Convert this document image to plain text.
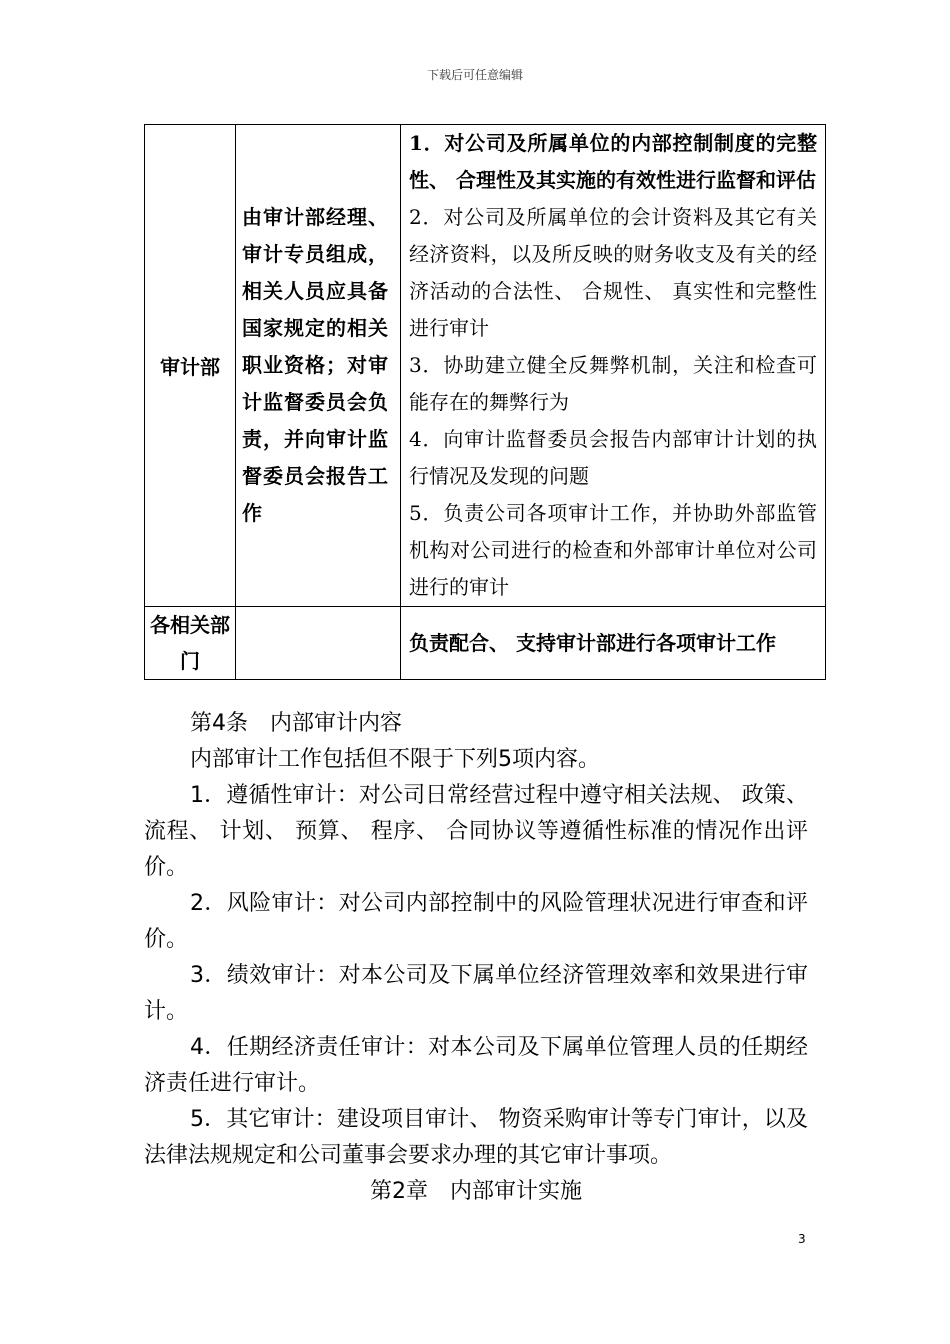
下载后可任意编辑
审计部	由审计部经理、 审计专员组成，相关人员应具备国家规定的相关职业资格；对审计监督委员会负责，并向审计监督委员会报告工作	1．对公司及所属单位的内部控制制度的完整性、 合理性及其实施的有效性进行监督和评估
2．对公司及所属单位的会计资料及其它有关经济资料，以及所反映的财务收支及有关的经济活动的合法性、 合规性、 真实性和完整性进行审计
3．协助建立健全反舞弊机制，关注和检查可能存在的舞弊行为
4．向审计监督委员会报告内部审计计划的执行情况及发现的问题
5．负责公司各项审计工作，并协助外部监管机构对公司进行的检查和外部审计单位对公司进行的审计

各相关部门		负责配合、 支持审计部进行各项审计工作

第4条　内部审计内容

内部审计工作包括但不限于下列5项内容。

1．遵循性审计：对公司日常经营过程中遵守相关法规、 政策、 流程、 计划、 预算、 程序、 合同协议等遵循性标准的情况作出评价。

2．风险审计：对公司内部控制中的风险管理状况进行审查和评价。

3．绩效审计：对本公司及下属单位经济管理效率和效果进行审计。

4．任期经济责任审计：对本公司及下属单位管理人员的任期经济责任进行审计。

5．其它审计：建设项目审计、 物资采购审计等专门审计，以及法律法规规定和公司董事会要求办理的其它审计事项。

第2章　内部审计实施

3
